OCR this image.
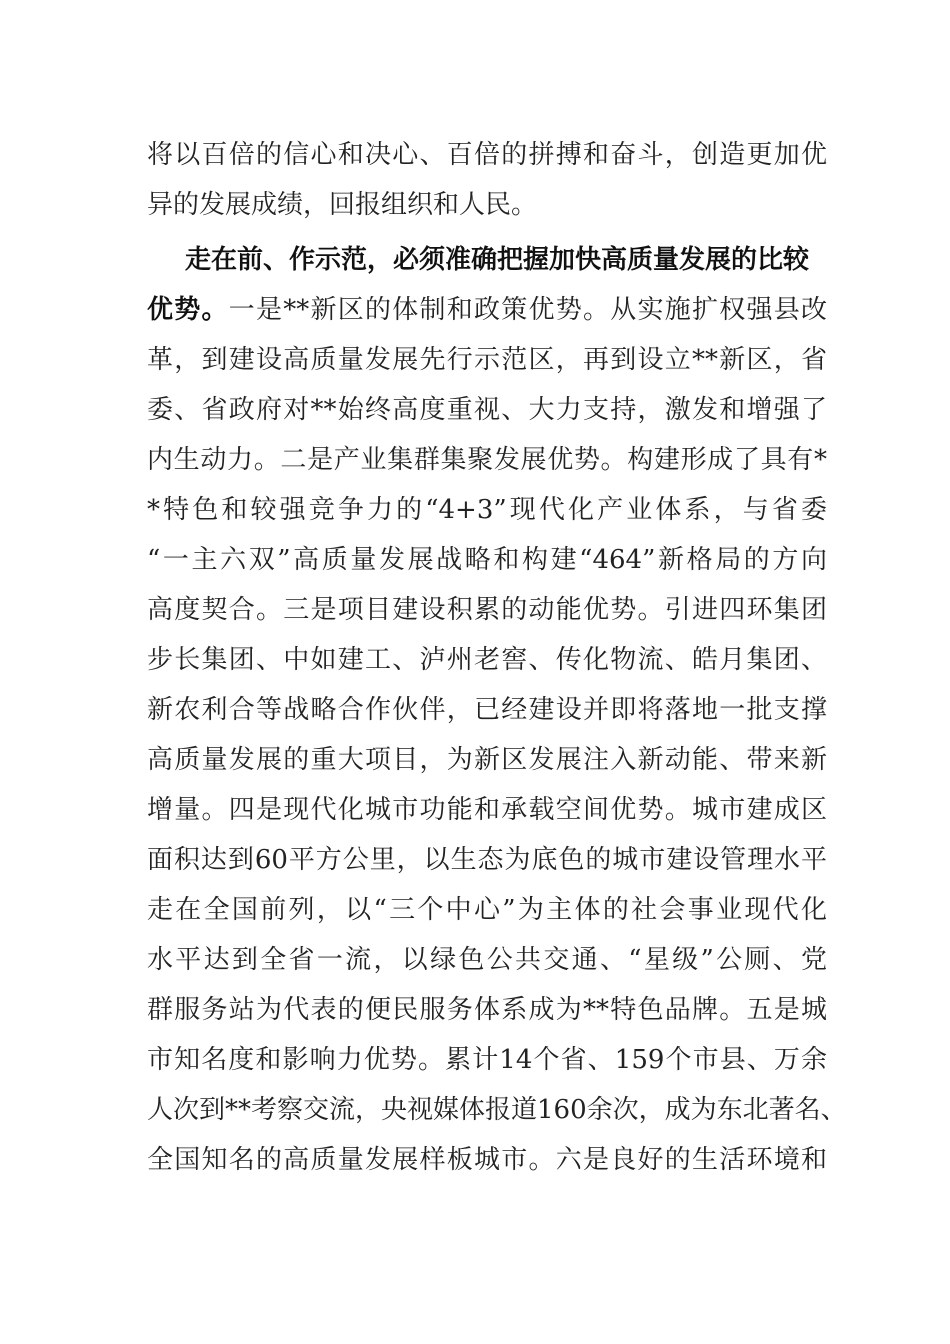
将以百倍的信心和决心、百倍的拼搏和奋斗，创造更加优
异的发展成绩，回报组织和人民。
走在前、作示范，必须准确把握加快高质量发展的比较
优势。一是**新区的体制和政策优势。从实施扩权强县改
革，到建设高质量发展先行示范区，再到设立**新区，省
委、省政府对**始终高度重视、大力支持，激发和增强了
内生动力。二是产业集群集聚发展优势。构建形成了具有*
*特色和较强竞争力的“4+3”现代化产业体系，与省委
“一主六双”高质量发展战略和构建“464”新格局的方向
高度契合。三是项目建设积累的动能优势。引进四环集团
步长集团、中如建工、泸州老窖、传化物流、皓月集团、
新农利合等战略合作伙伴，已经建设并即将落地一批支撑
高质量发展的重大项目，为新区发展注入新动能、带来新
增量。四是现代化城市功能和承载空间优势。城市建成区
面积达到60平方公里，以生态为底色的城市建设管理水平
走在全国前列，以“三个中心”为主体的社会事业现代化
水平达到全省一流，以绿色公共交通、“星级”公厕、党
群服务站为代表的便民服务体系成为**特色品牌。五是城
市知名度和影响力优势。累计14个省、159个市县、万余
人次到**考察交流，央视媒体报道160余次，成为东北著名、
全国知名的高质量发展样板城市。六是良好的生活环境和
